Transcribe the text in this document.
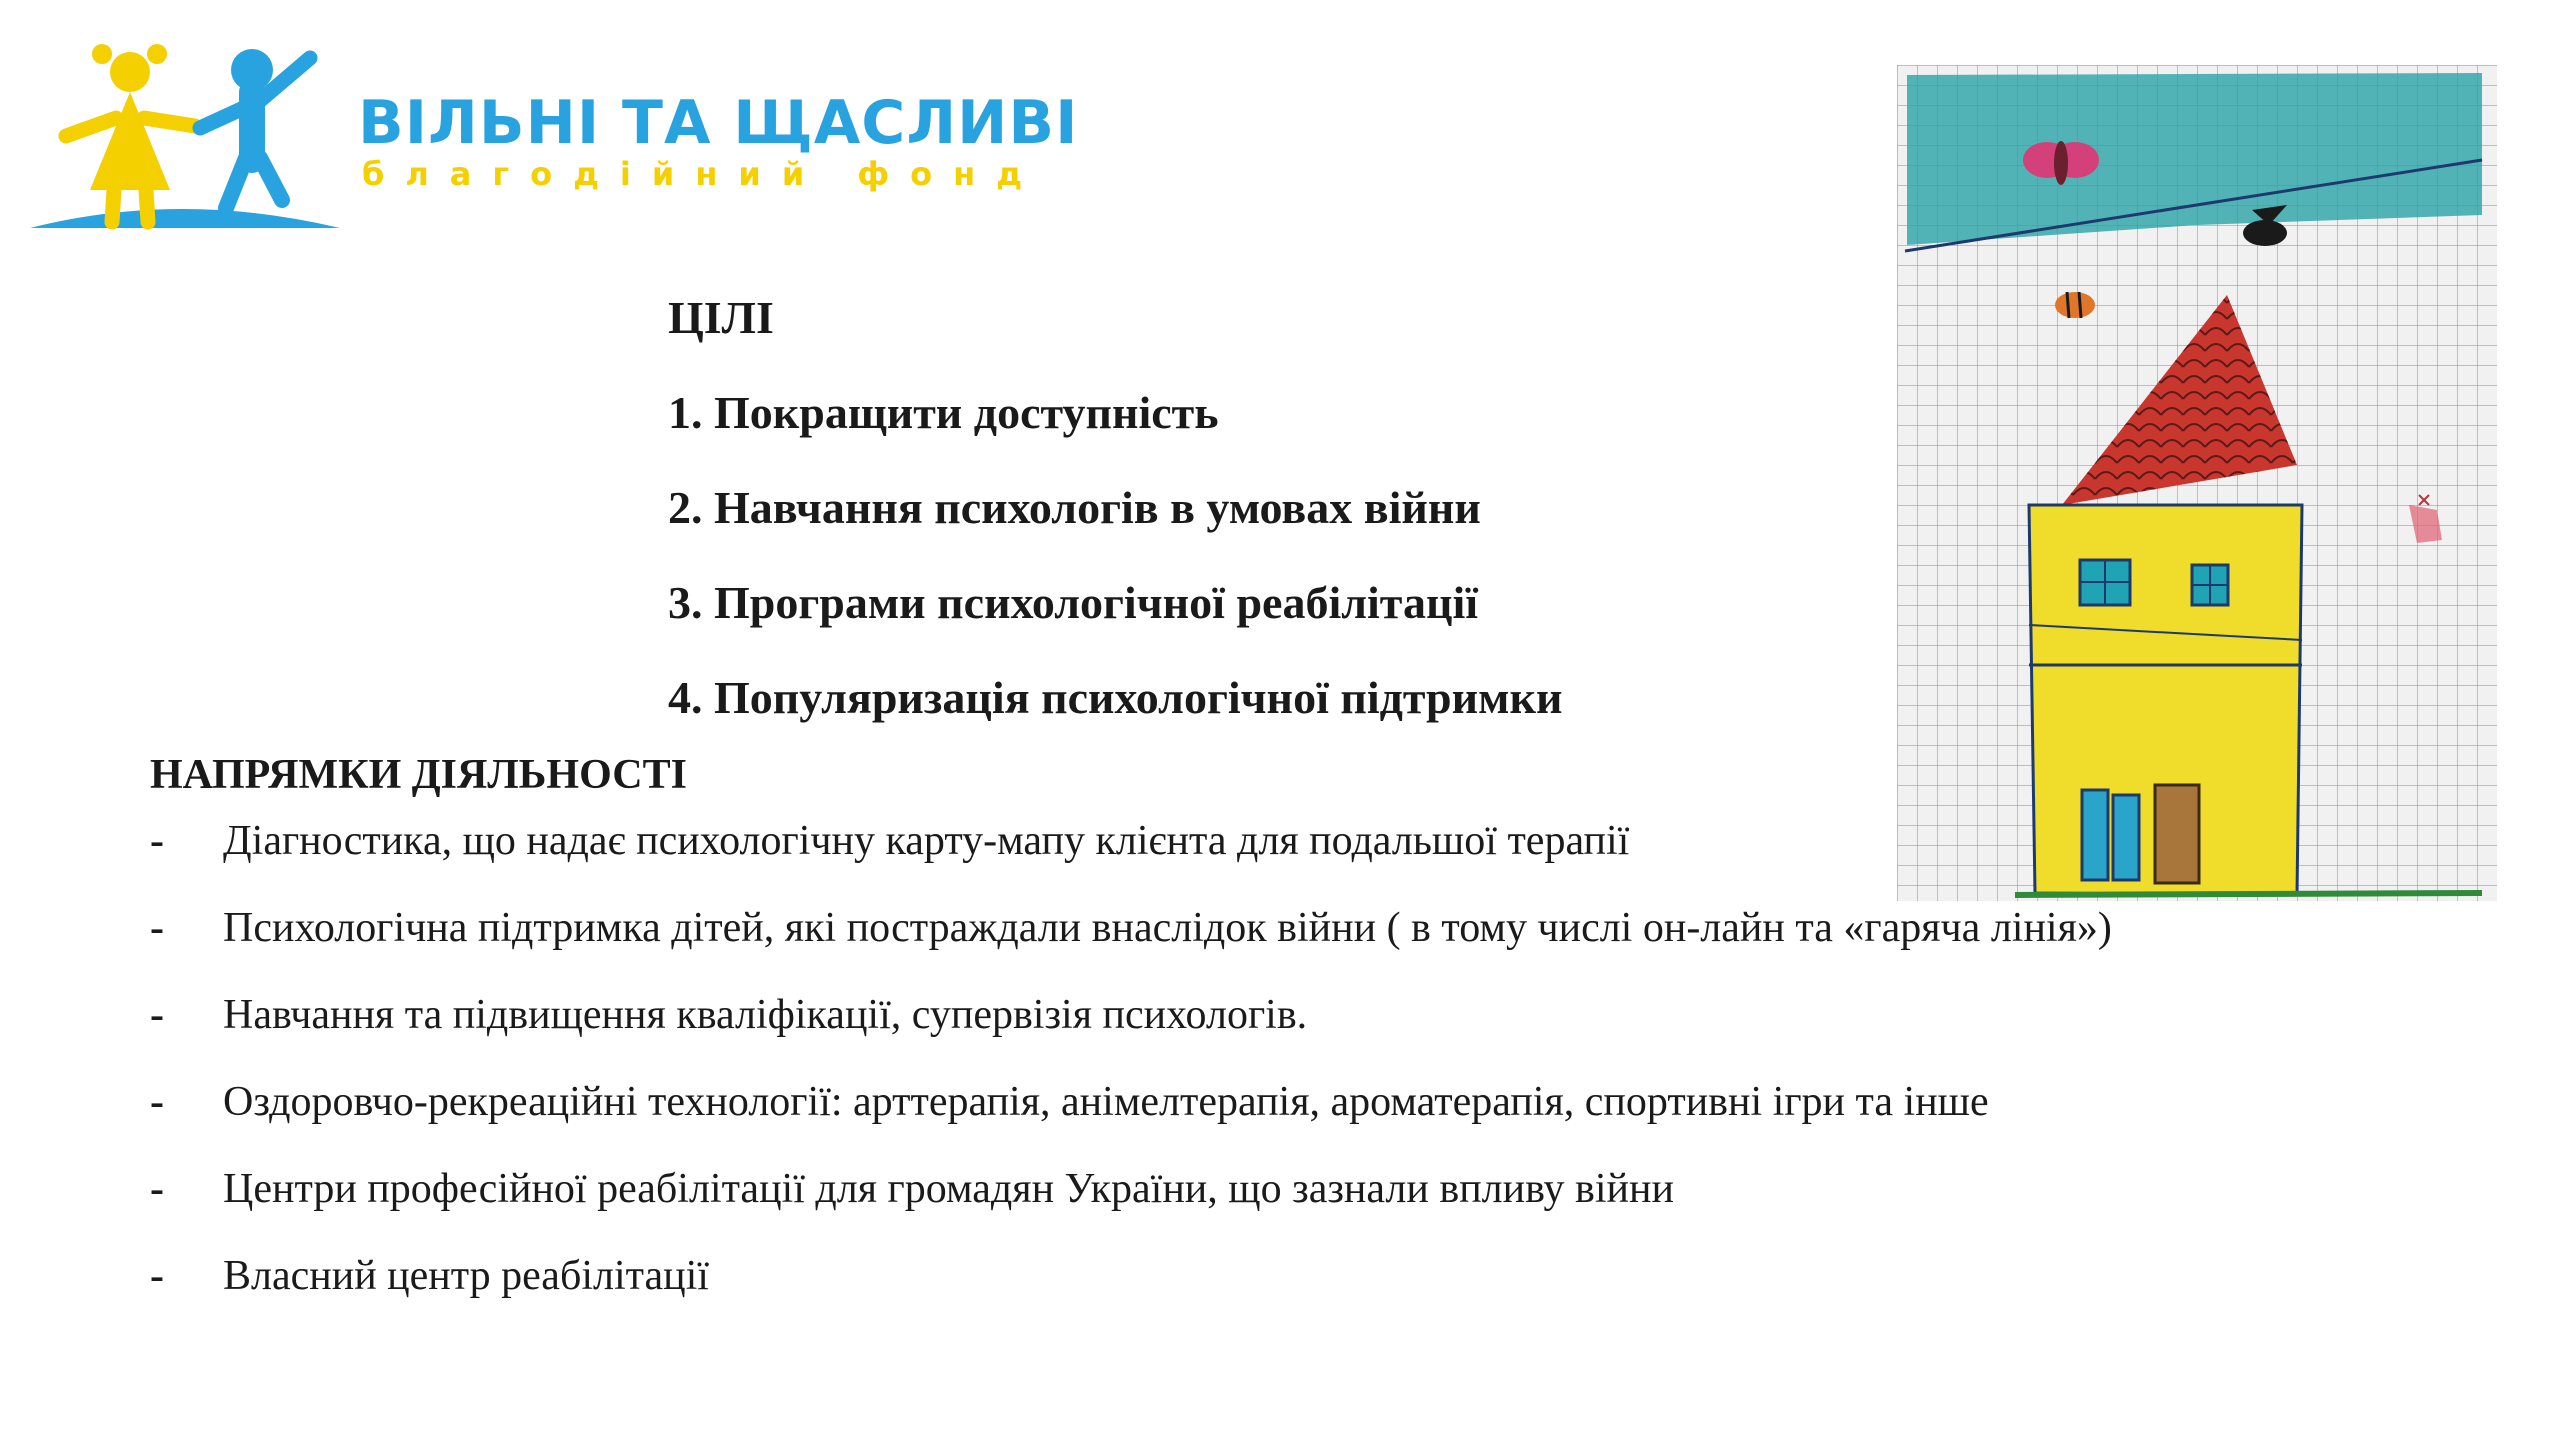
ВІЛЬНІ ТА ЩАСЛИВІ
благодійний фонд

ЦІЛІ

1. Покращити доступність

2. Навчання психологів в умовах війни

3. Програми психологічної реабілітації

4. Популяризація психологічної підтримки

НАПРЯМКИ ДІЯЛЬНОСТІ

- Діагностика, що надає психологічну карту-мапу клієнта для подальшої терапії
- Психологічна підтримка дітей, які постраждали внаслідок війни ( в тому числі он-лайн та «гаряча лінія»)
- Навчання та підвищення кваліфікації, супервізія психологів.
- Оздоровчо-рекреаційні технології: арттерапія, анімелтерапія, ароматерапія, спортивні ігри та інше
- Центри професійної реабілітації для громадян України, що зазнали впливу війни
- Власний центр реабілітації
